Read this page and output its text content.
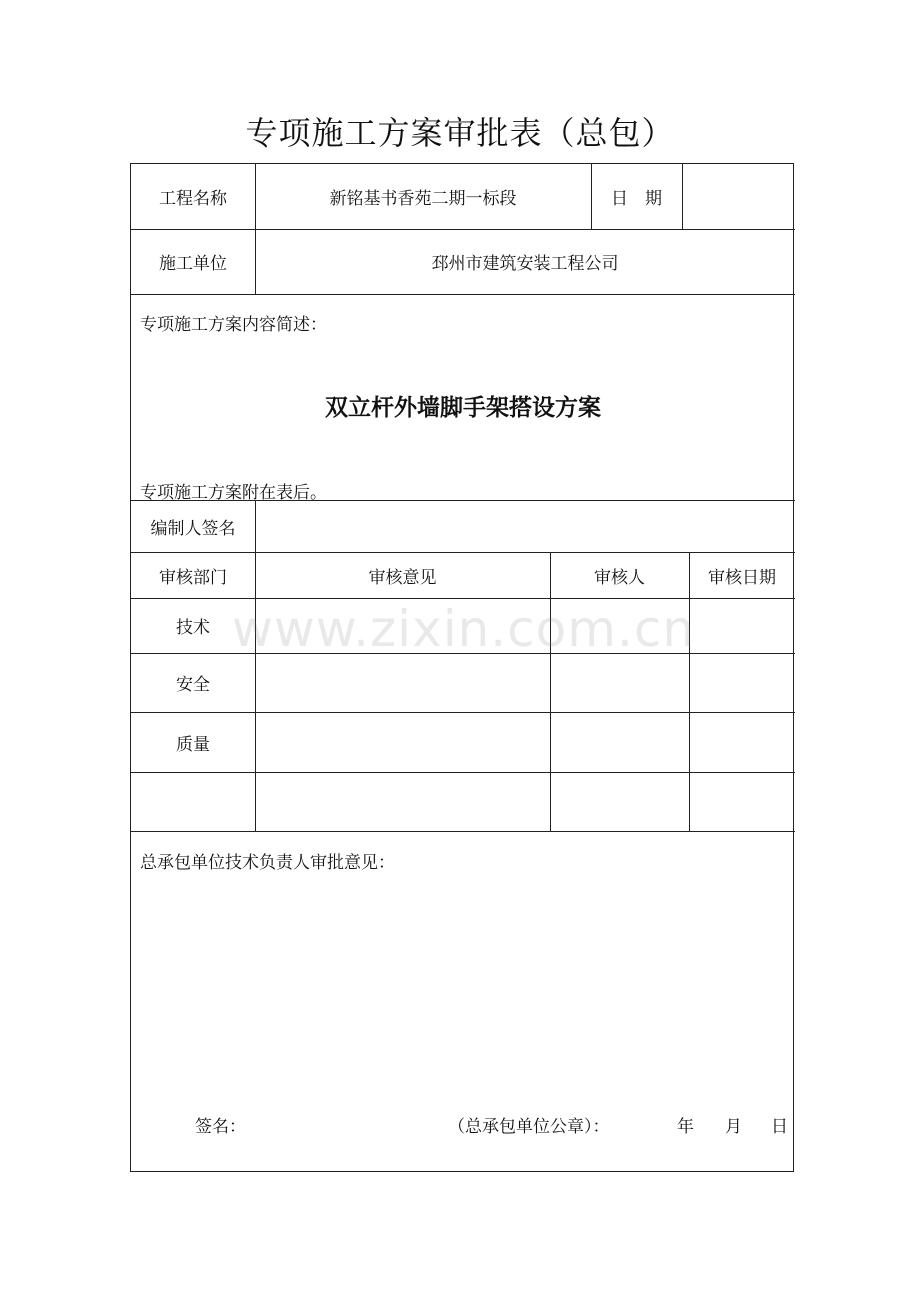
专项施工方案审批表（总包）
工程名称	新铭基书香苑二期一标段	日　期
施工单位	邳州市建筑安装工程公司
专项施工方案内容简述：
双立杆外墙脚手架搭设方案
专项施工方案附在表后。
编制人签名
审核部门	审核意见	审核人	审核日期
技术
安全
质量
总承包单位技术负责人审批意见：
签名：	（总承包单位公章）：	年 月 日
www.zixin.com.cn
